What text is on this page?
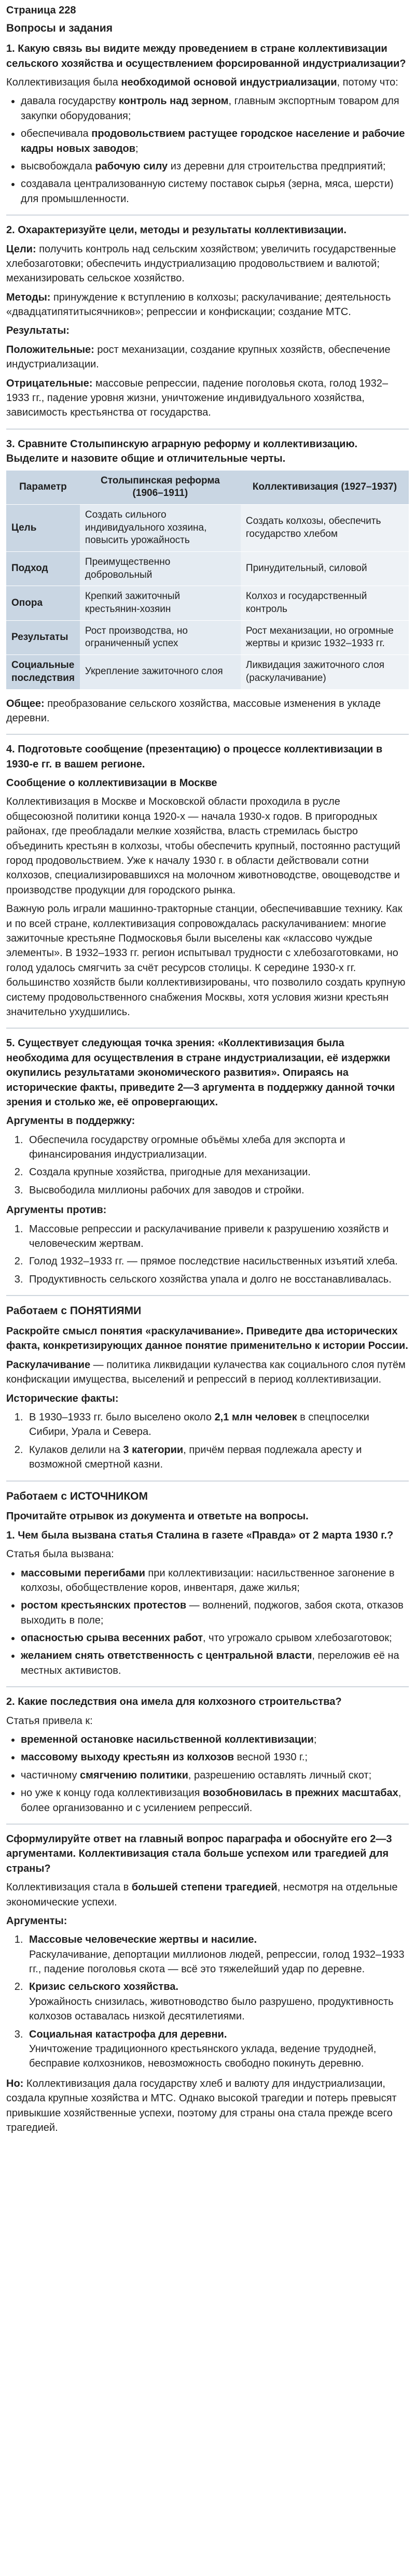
Страница 228
Вопросы и задания

1. Какую связь вы видите между проведением в стране коллективизации сельского хозяйства и осуществлением форсированной индустриализации?

Коллективизация была необходимой основой индустриализации, потому что:

• давала государству контроль над зерном, главным экспортным товаром для закупки оборудования;
• обеспечивала продовольствием растущее городское население и рабочие кадры новых заводов;
• высвобождала рабочую силу из деревни для строительства предприятий;
• создавала централизованную систему поставок сырья (зерна, мяса, шерсти) для промышленности.

2. Охарактеризуйте цели, методы и результаты коллективизации.

Цели: получить контроль над сельским хозяйством; увеличить государственные хлебозаготовки; обеспечить индустриализацию продовольствием и валютой; механизировать сельское хозяйство.

Методы: принуждение к вступлению в колхозы; раскулачивание; деятельность «двадцатипятитысячников»; репрессии и конфискации; создание МТС.

Результаты:

Положительные: рост механизации, создание крупных хозяйств, обеспечение индустриализации.

Отрицательные: массовые репрессии, падение поголовья скота, голод 1932–1933 гг., падение уровня жизни, уничтожение индивидуального хозяйства, зависимость крестьянства от государства.

3. Сравните Столыпинскую аграрную реформу и коллективизацию. Выделите и назовите общие и отличительные черты.

Параметр	Столыпинская реформа (1906–1911)	Коллективизация (1927–1937)
Цель	Создать сильного индивидуального хозяина, повысить урожайность	Создать колхозы, обеспечить государство хлебом
Подход	Преимущественно добровольный	Принудительный, силовой
Опора	Крепкий зажиточный крестьянин-хозяин	Колхоз и государственный контроль
Результаты	Рост производства, но ограниченный успех	Рост механизации, но огромные жертвы и кризис 1932–1933 гг.
Социальные последствия	Укрепление зажиточного слоя	Ликвидация зажиточного слоя (раскулачивание)

Общее: преобразование сельского хозяйства, массовые изменения в укладе деревни.

4. Подготовьте сообщение (презентацию) о процессе коллективизации в 1930-е гг. в вашем регионе.

Сообщение о коллективизации в Москве

Коллективизация в Москве и Московской области проходила в русле общесоюзной политики конца 1920-х — начала 1930-х годов. В пригородных районах, где преобладали мелкие хозяйства, власть стремилась быстро объединить крестьян в колхозы, чтобы обеспечить крупный, постоянно растущий город продовольствием. Уже к началу 1930 г. в области действовали сотни колхозов, специализировавшихся на молочном животноводстве, овощеводстве и производстве продукции для городского рынка.

Важную роль играли машинно-тракторные станции, обеспечивавшие технику. Как и по всей стране, коллективизация сопровождалась раскулачиванием: многие зажиточные крестьяне Подмосковья были выселены как «классово чуждые элементы». В 1932–1933 гг. регион испытывал трудности с хлебозаготовками, но голод удалось смягчить за счёт ресурсов столицы. К середине 1930-х гг. большинство хозяйств были коллективизированы, что позволило создать крупную систему продовольственного снабжения Москвы, хотя условия жизни крестьян значительно ухудшились.

5. Существует следующая точка зрения: «Коллективизация была необходима для осуществления в стране индустриализации, её издержки окупились результатами экономического развития». Опираясь на исторические факты, приведите 2—3 аргумента в поддержку данной точки зрения и столько же, её опровергающих.

Аргументы в поддержку:

1. Обеспечила государству огромные объёмы хлеба для экспорта и финансирования индустриализации.
2. Создала крупные хозяйства, пригодные для механизации.
3. Высвободила миллионы рабочих для заводов и стройки.

Аргументы против:

1. Массовые репрессии и раскулачивание привели к разрушению хозяйств и человеческим жертвам.
2. Голод 1932–1933 гг. — прямое последствие насильственных изъятий хлеба.
3. Продуктивность сельского хозяйства упала и долго не восстанавливалась.

Работаем с ПОНЯТИЯМИ

Раскройте смысл понятия «раскулачивание». Приведите два исторических факта, конкретизирующих данное понятие применительно к истории России.

Раскулачивание — политика ликвидации кулачества как социального слоя путём конфискации имущества, выселений и репрессий в период коллективизации.

Исторические факты:

1. В 1930–1933 гг. было выселено около 2,1 млн человек в спецпоселки Сибири, Урала и Севера.
2. Кулаков делили на 3 категории, причём первая подлежала аресту и возможной смертной казни.

Работаем с ИСТОЧНИКОМ

Прочитайте отрывок из документа и ответьте на вопросы.

1. Чем была вызвана статья Сталина в газете «Правда» от 2 марта 1930 г.?

Статья была вызвана:

• массовыми перегибами при коллективизации: насильственное загонение в колхозы, обобществление коров, инвентаря, даже жилья;
• ростом крестьянских протестов — волнений, поджогов, забоя скота, отказов выходить в поле;
• опасностью срыва весенних работ, что угрожало срывом хлебозаготовок;
• желанием снять ответственность с центральной власти, переложив её на местных активистов.

2. Какие последствия она имела для колхозного строительства?

Статья привела к:

• временной остановке насильственной коллективизации;
• массовому выходу крестьян из колхозов весной 1930 г.;
• частичному смягчению политики, разрешению оставлять личный скот;
• но уже к концу года коллективизация возобновилась в прежних масштабах, более организованно и с усилением репрессий.

Сформулируйте ответ на главный вопрос параграфа и обоснуйте его 2—3 аргументами. Коллективизация стала больше успехом или трагедией для страны?

Коллективизация стала в большей степени трагедией, несмотря на отдельные экономические успехи.

Аргументы:

1. Массовые человеческие жертвы и насилие.
Раскулачивание, депортации миллионов людей, репрессии, голод 1932–1933 гг., падение поголовья скота — всё это тяжелейший удар по деревне.
2. Кризис сельского хозяйства.
Урожайность снизилась, животноводство было разрушено, продуктивность колхозов оставалась низкой десятилетиями.
3. Социальная катастрофа для деревни.
Уничтожение традиционного крестьянского уклада, ведение трудодней, бесправие колхозников, невозможность свободно покинуть деревню.

Но: Коллективизация дала государству хлеб и валюту для индустриализации, создала крупные хозяйства и МТС. Однако высокой трагедии и потерь превысят привыкшие хозяйственные успехи, поэтому для страны она стала прежде всего трагедией.
